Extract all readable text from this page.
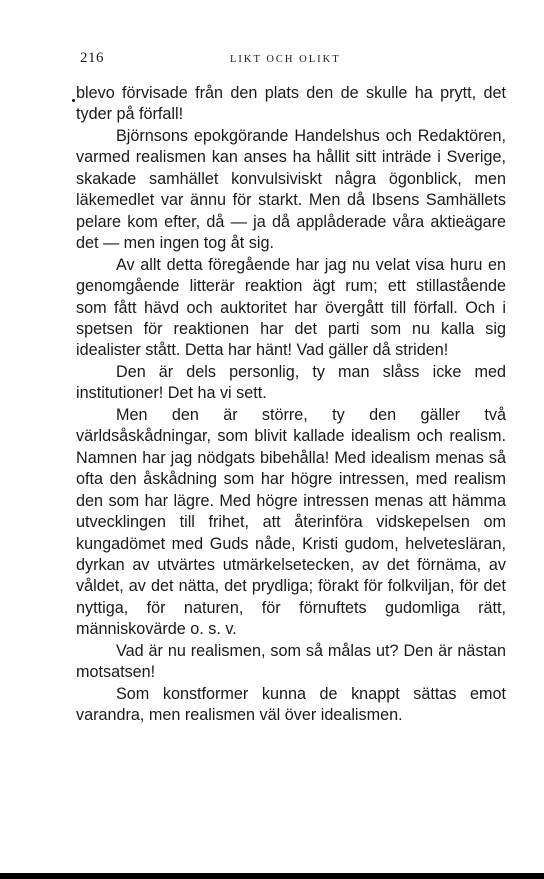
216	LIKT OCH OLIKT

blevo förvisade från den plats den de skulle ha prytt, det tyder på förfall!

Björnsons epokgörande Handelshus och Redaktören, varmed realismen kan anses ha hållit sitt inträde i Sverige, skakade samhället konvulsiviskt några ögonblick, men läkemedlet var ännu för starkt. Men då Ibsens Samhällets pelare kom efter, då — ja då applåderade våra aktieägare det — men ingen tog åt sig.

Av allt detta föregående har jag nu velat visa huru en genomgående litterär reaktion ägt rum; ett stillastående som fått hävd och auktoritet har övergått till förfall. Och i spetsen för reaktionen har det parti som nu kalla sig idealister stått. Detta har hänt! Vad gäller då striden!

Den är dels personlig, ty man slåss icke med institutioner! Det ha vi sett.

Men den är större, ty den gäller två världsåskådningar, som blivit kallade idealism och realism. Namnen har jag nödgats bibehålla! Med idealism menas så ofta den åskådning som har högre intressen, med realism den som har lägre. Med högre intressen menas att hämma utvecklingen till frihet, att återinföra vidskepelsen om kungadömet med Guds nåde, Kristi gudom, helvetesläran, dyrkan av utvärtes utmärkelsetecken, av det förnäma, av våldet, av det nätta, det prydliga; förakt för folkviljan, för det nyttiga, för naturen, för förnuftets gudomliga rätt, människovärde o. s. v.

Vad är nu realismen, som så målas ut? Den är nästan motsatsen!

Som konstformer kunna de knappt sättas emot varandra, men realismen väl över idealismen.
